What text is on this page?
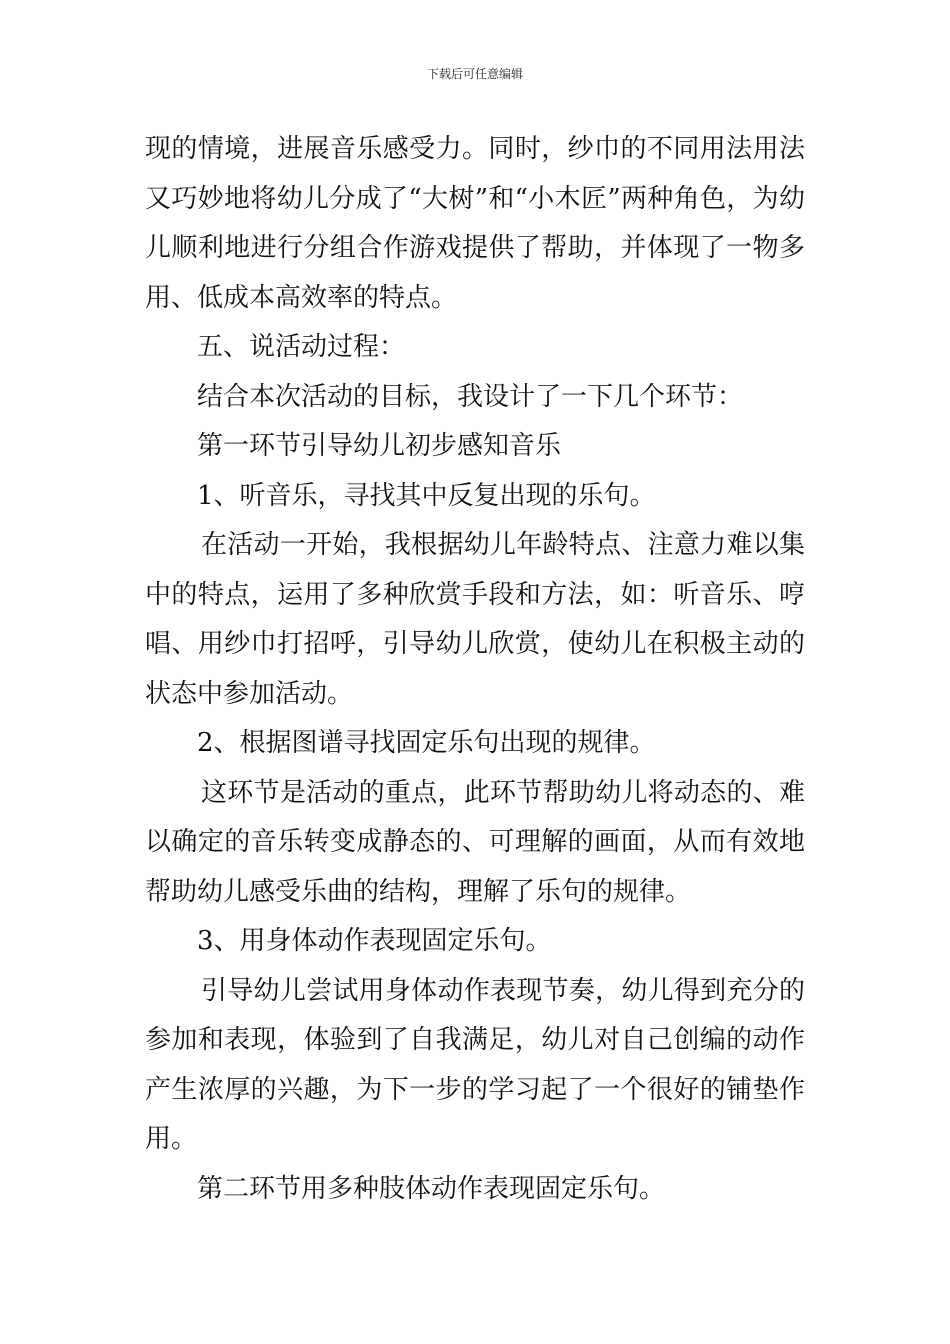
下载后可任意编辑

现的情境，进展音乐感受力。同时，纱巾的不同用法用法又巧妙地将幼儿分成了“大树”和“小木匠”两种角色，为幼儿顺利地进行分组合作游戏提供了帮助，并体现了一物多用、低成本高效率的特点。

五、说活动过程：

结合本次活动的目标，我设计了一下几个环节：

第一环节引导幼儿初步感知音乐

1、听音乐，寻找其中反复出现的乐句。

在活动一开始，我根据幼儿年龄特点、注意力难以集中的特点，运用了多种欣赏手段和方法，如：听音乐、哼唱、用纱巾打招呼，引导幼儿欣赏，使幼儿在积极主动的状态中参加活动。

2、根据图谱寻找固定乐句出现的规律。

这环节是活动的重点，此环节帮助幼儿将动态的、难以确定的音乐转变成静态的、可理解的画面，从而有效地帮助幼儿感受乐曲的结构，理解了乐句的规律。

3、用身体动作表现固定乐句。

引导幼儿尝试用身体动作表现节奏，幼儿得到充分的参加和表现，体验到了自我满足，幼儿对自己创编的动作产生浓厚的兴趣，为下一步的学习起了一个很好的铺垫作用。

第二环节用多种肢体动作表现固定乐句。
